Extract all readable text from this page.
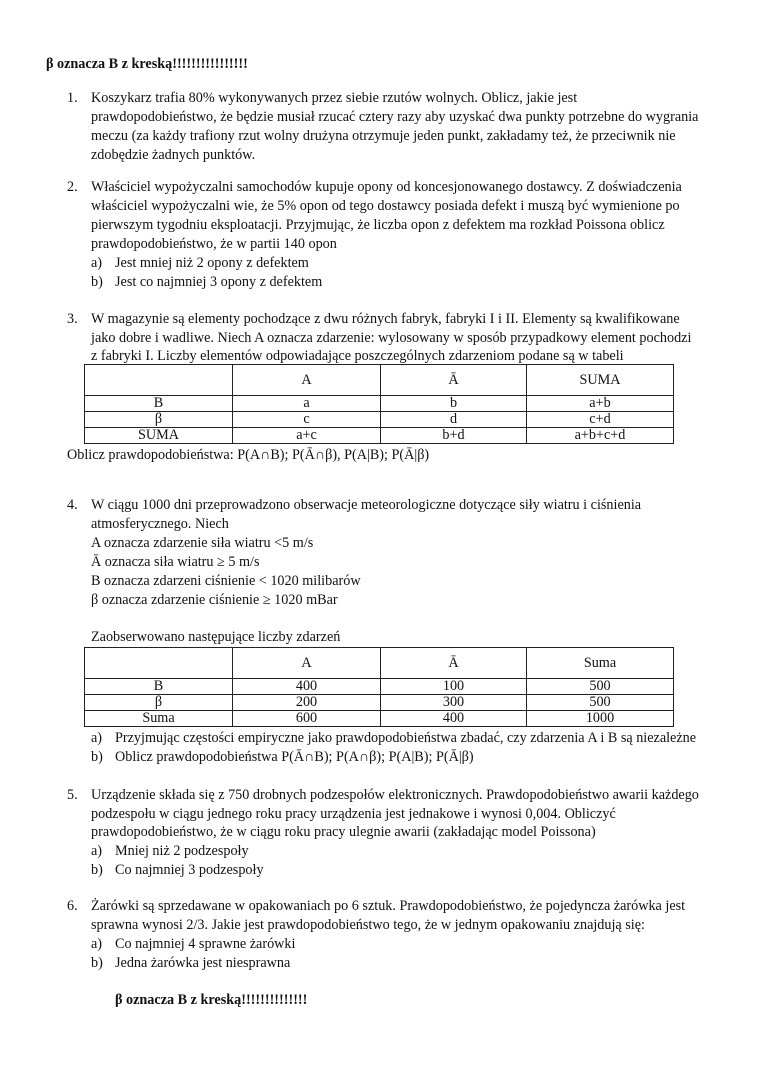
β oznacza B z kreską!!!!!!!!!!!!!!!!
1. Koszykarz trafia 80% wykonywanych przez siebie rzutów wolnych. Oblicz, jakie jest
prawdopodobieństwo, że będzie musiał rzucać cztery razy aby uzyskać dwa punkty potrzebne do wygrania
meczu (za każdy trafiony rzut wolny drużyna otrzymuje jeden punkt, zakładamy też, że przeciwnik nie
zdobędzie żadnych punktów.
2. Właściciel wypożyczalni samochodów kupuje opony od koncesjonowanego dostawcy. Z doświadczenia
właściciel wypożyczalni wie, że 5% opon od tego dostawcy posiada defekt i muszą być wymienione po
pierwszym tygodniu eksploatacji. Przyjmując, że liczba opon z defektem ma rozkład Poissona oblicz
prawdopodobieństwo, że w partii 140 opon
a) Jest mniej niż 2 opony z defektem
b) Jest co najmniej 3 opony z defektem
3. W magazynie są elementy pochodzące z dwu różnych fabryk, fabryki I i II. Elementy są kwalifikowane
jako dobre i wadliwe. Niech A oznacza zdarzenie: wylosowany w sposób przypadkowy element pochodzi
z fabryki I. Liczby elementów odpowiadające poszczególnych zdarzeniom podane są w tabeli
	A	Ā	SUMA
B	a	b	a+b
β	c	d	c+d
SUMA	a+c	b+d	a+b+c+d
Oblicz prawdopodobieństwa: P(A∩B); P(Ā∩β), P(A|B); P(Ā|β)
4. W ciągu 1000 dni przeprowadzono obserwacje meteorologiczne dotyczące siły wiatru i ciśnienia
atmosferycznego. Niech
A oznacza zdarzenie siła wiatru <5 m/s
Ā oznacza siła wiatru ≥ 5 m/s
B oznacza zdarzeni ciśnienie < 1020 milibarów
β oznacza zdarzenie ciśnienie ≥ 1020 mBar
Zaobserwowano następujące liczby zdarzeń
	A	Ā	Suma
B	400	100	500
β	200	300	500
Suma	600	400	1000
a) Przyjmując częstości empiryczne jako prawdopodobieństwa zbadać, czy zdarzenia A i B są niezależne
b) Oblicz prawdopodobieństwa P(Ā∩B); P(A∩β); P(A|B); P(Ā|β)
5. Urządzenie składa się z 750 drobnych podzespołów elektronicznych. Prawdopodobieństwo awarii każdego
podzespołu w ciągu jednego roku pracy urządzenia jest jednakowe i wynosi 0,004. Obliczyć
prawdopodobieństwo, że w ciągu roku pracy ulegnie awarii (zakładając model Poissona)
a) Mniej niż 2 podzespoły
b) Co najmniej 3 podzespoły
6. Żarówki są sprzedawane w opakowaniach po 6 sztuk. Prawdopodobieństwo, że pojedyncza żarówka jest
sprawna wynosi 2/3. Jakie jest prawdopodobieństwo tego, że w jednym opakowaniu znajdują się:
a) Co najmniej 4 sprawne żarówki
b) Jedna żarówka jest niesprawna
β oznacza B z kreską!!!!!!!!!!!!!!
